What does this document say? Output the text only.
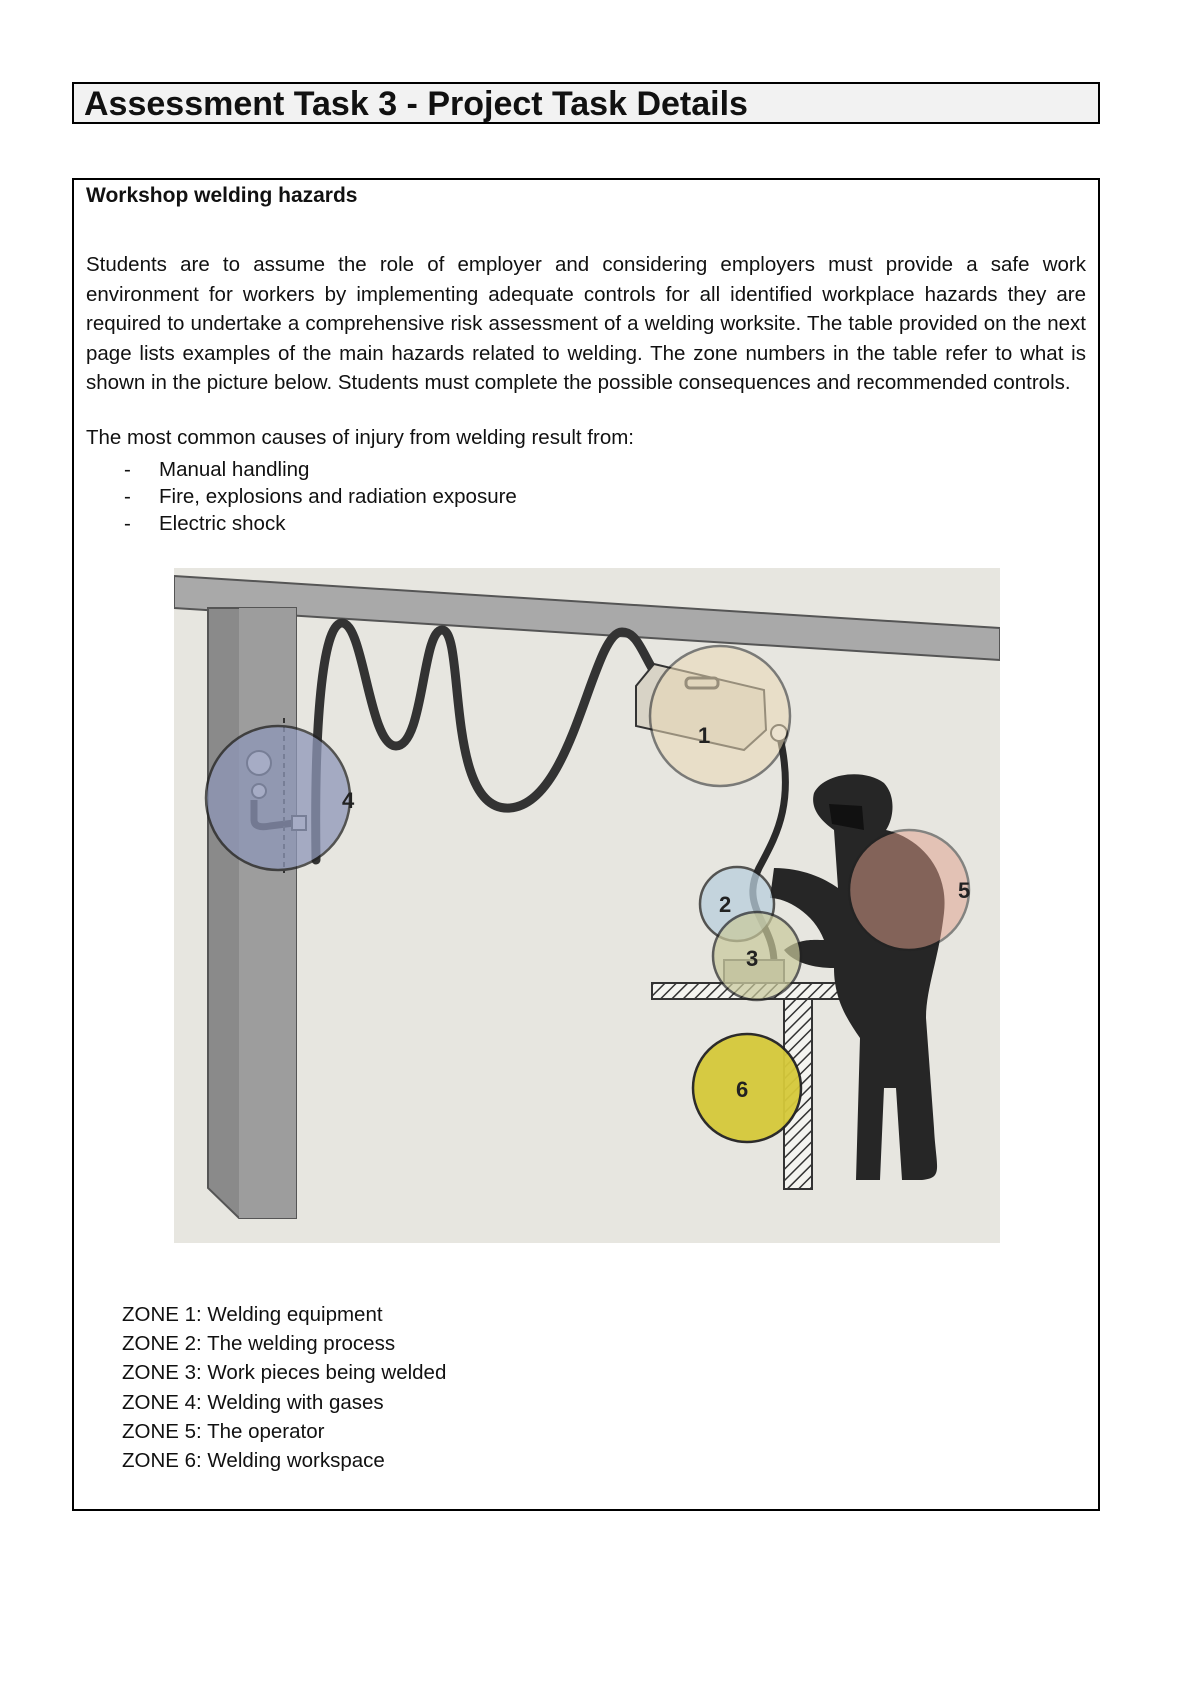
Assessment Task 3 - Project Task Details
Workshop welding hazards

Students are to assume the role of employer and considering employers must provide a safe work environment for workers by implementing adequate controls for all identified workplace hazards they are required to undertake a comprehensive risk assessment of a welding worksite. The table provided on the next page lists examples of the main hazards related to welding. The zone numbers in the table refer to what is shown in the picture below. Students must complete the possible consequences and recommended controls.

The most common causes of injury from welding result from:

- Manual handling
- Fire, explosions and radiation exposure
- Electric shock
4
1
2
3
5
6
ZONE 1: Welding equipment
ZONE 2: The welding process
ZONE 3: Work pieces being welded
ZONE 4: Welding with gases
ZONE 5: The operator
ZONE 6: Welding workspace
